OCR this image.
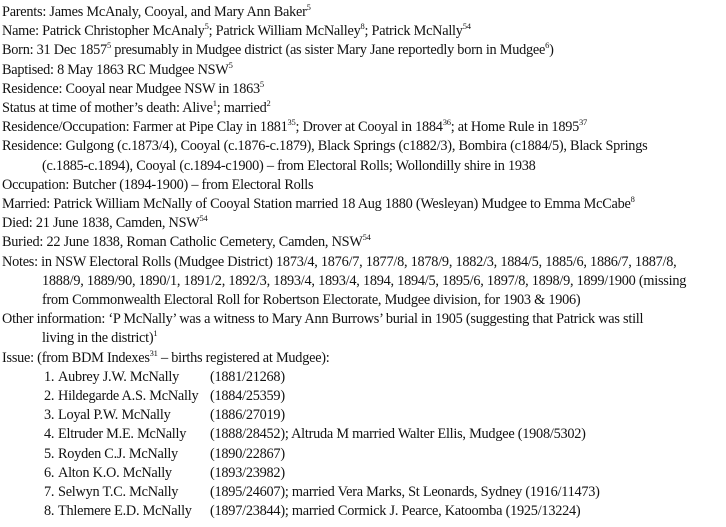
Parents: James McAnaly, Cooyal, and Mary Ann Baker$^5$
Name: Patrick Christopher McAnaly$^5$; Patrick William McNalley$^8$; Patrick McNally$^{54}$
Born: 31 Dec 1857$^5$ presumably in Mudgee district (as sister Mary Jane reportedly born in Mudgee$^6$)
Baptised: 8 May 1863 RC Mudgee NSW$^5$
Residence: Cooyal near Mudgee NSW in 1863$^5$
Status at time of mother’s death: Alive$^1$; married$^2$
Residence/Occupation: Farmer at Pipe Clay in 1881$^{35}$; Drover at Cooyal in 1884$^{36}$; at Home Rule in 1895$^{37}$
Residence: Gulgong (c.1873/4), Cooyal (c.1876-c.1879), Black Springs (c1882/3), Bombira (c1884/5), Black Springs
(c.1885-c.1894), Cooyal (c.1894-c1900) – from Electoral Rolls; Wollondilly shire in 1938
Occupation: Butcher (1894-1900) – from Electoral Rolls
Married: Patrick William McNally of Cooyal Station married 18 Aug 1880 (Wesleyan) Mudgee to Emma McCabe$^8$
Died: 21 June 1838, Camden, NSW$^{54}$
Buried: 22 June 1838, Roman Catholic Cemetery, Camden, NSW$^{54}$
Notes: in NSW Electoral Rolls (Mudgee District) 1873/4, 1876/7, 1877/8, 1878/9, 1882/3, 1884/5, 1885/6, 1886/7, 1887/8,
1888/9, 1889/90, 1890/1, 1891/2, 1892/3, 1893/4, 1893/4, 1894, 1894/5, 1895/6, 1897/8, 1898/9, 1899/1900 (missing
from Commonwealth Electoral Roll for Robertson Electorate, Mudgee division, for 1903 & 1906)
Other information: ‘P McNally’ was a witness to Mary Ann Burrows’ burial in 1905 (suggesting that Patrick was still
living in the district)$^1$
Issue: (from BDM Indexes$^{31}$ – births registered at Mudgee):
1. Aubrey J.W. McNally (1881/21268)
2. Hildegarde A.S. McNally (1884/25359)
3. Loyal P.W. McNally	(1886/27019)
4. Eltruder M.E. McNally (1888/28452); Altruda M married Walter Ellis, Mudgee (1908/5302)
5. Royden C.J. McNally (1890/22867)
6. Alton K.O. McNally	(1893/23982)
7. Selwyn T.C. McNally (1895/24607); married Vera Marks, St Leonards, Sydney (1916/11473)
8. Thlemere E.D. McNally (1897/23844); married Cormick J. Pearce, Katoomba (1925/13224)
